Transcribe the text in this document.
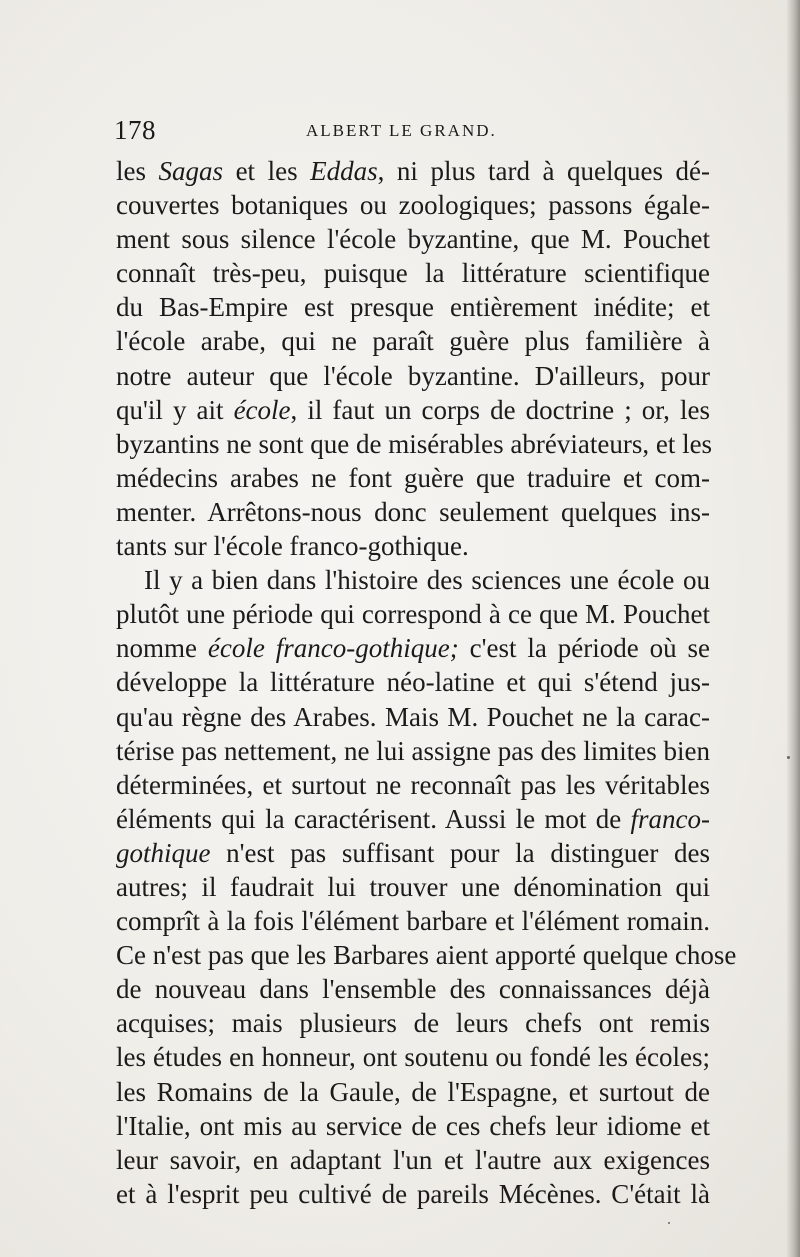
178	ALBERT LE GRAND.
les Sagas et les Eddas, ni plus tard à quelques dé-
couvertes botaniques ou zoologiques; passons égale-
ment sous silence l'école byzantine, que M. Pouchet
connaît très-peu, puisque la littérature scientifique
du Bas-Empire est presque entièrement inédite; et
l'école arabe, qui ne paraît guère plus familière à
notre auteur que l'école byzantine. D'ailleurs, pour
qu'il y ait école, il faut un corps de doctrine ; or, les
byzantins ne sont que de misérables abréviateurs, et les
médecins arabes ne font guère que traduire et com-
menter. Arrêtons-nous donc seulement quelques ins-
tants sur l'école franco-gothique.
Il y a bien dans l'histoire des sciences une école ou
plutôt une période qui correspond à ce que M. Pouchet
nomme école franco-gothique; c'est la période où se
développe la littérature néo-latine et qui s'étend jus-
qu'au règne des Arabes. Mais M. Pouchet ne la carac-
térise pas nettement, ne lui assigne pas des limites bien
déterminées, et surtout ne reconnaît pas les véritables
éléments qui la caractérisent. Aussi le mot de franco-
gothique n'est pas suffisant pour la distinguer des
autres; il faudrait lui trouver une dénomination qui
comprît à la fois l'élément barbare et l'élément romain.
Ce n'est pas que les Barbares aient apporté quelque chose
de nouveau dans l'ensemble des connaissances déjà
acquises; mais plusieurs de leurs chefs ont remis
les études en honneur, ont soutenu ou fondé les écoles;
les Romains de la Gaule, de l'Espagne, et surtout de
l'Italie, ont mis au service de ces chefs leur idiome et
leur savoir, en adaptant l'un et l'autre aux exigences
et à l'esprit peu cultivé de pareils Mécènes. C'était là
